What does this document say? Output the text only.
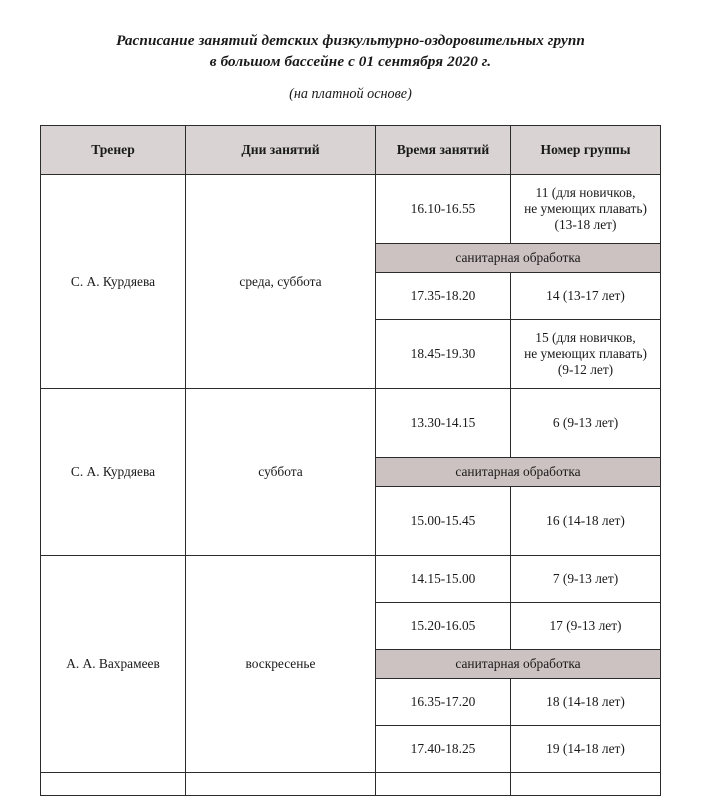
Расписание занятий детских физкультурно-оздоровительных групп
в большом бассейне с 01 сентября 2020 г.
(на платной основе)
Тренер	Дни занятий	Время занятий	Номер группы
С. А. Курдяева	среда, суббота	16.10-16.55	11 (для новичков,
не умеющих плавать)
(13-18 лет)

		санитарная обработка	
		17.35-18.20	14 (13-17 лет)
		18.45-19.30	15 (для новичков,
не умеющих плавать)
(9-12 лет)

С. А. Курдяева	суббота	13.30-14.15	6 (9-13 лет)
		санитарная обработка	
		15.00-15.45	16 (14-18 лет)
А. А. Вахрамеев	воскресенье	14.15-15.00	7 (9-13 лет)
		15.20-16.05	17 (9-13 лет)
		санитарная обработка	
		16.35-17.20	18 (14-18 лет)
		17.40-18.25	19 (14-18 лет)
